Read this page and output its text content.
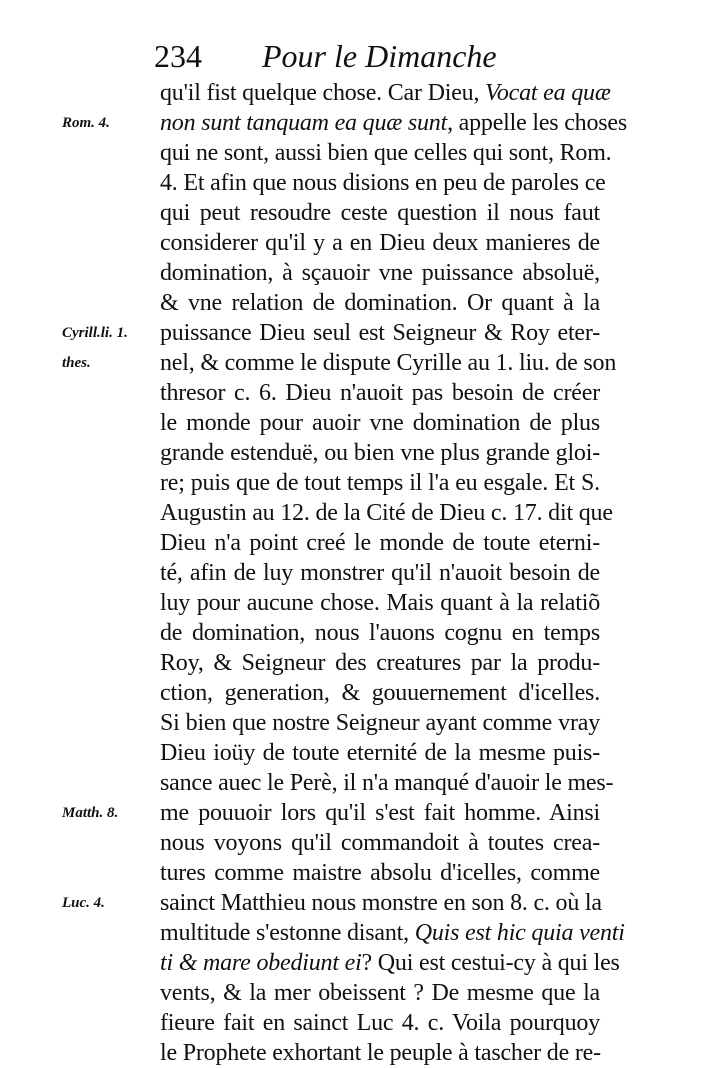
234 Pour le Dimanche
Rom. 4.
Cyrill.li. 1.
thes.
Matth. 8.
Luc. 4.
qu'il fist quelque chose. Car Dieu, Vocat ea quæ
non sunt tanquam ea quæ sunt, appelle les choses
qui ne sont, aussi bien que celles qui sont, Rom.
4. Et afin que nous disions en peu de paroles ce
qui peut resoudre ceste question il nous faut
considerer qu'il y a en Dieu deux manieres de
domination, à sçauoir vne puissance absoluë,
& vne relation de domination. Or quant à la
puissance Dieu seul est Seigneur & Roy eter-
nel, & comme le dispute Cyrille au 1. liu. de son
thresor c. 6. Dieu n'auoit pas besoin de créer
le monde pour auoir vne domination de plus
grande estenduë, ou bien vne plus grande gloi-
re; puis que de tout temps il l'a eu esgale. Et S.
Augustin au 12. de la Cité de Dieu c. 17. dit que
Dieu n'a point creé le monde de toute eterni-
té, afin de luy monstrer qu'il n'auoit besoin de
luy pour aucune chose. Mais quant à la relatiõ
de domination, nous l'auons cognu en temps
Roy, & Seigneur des creatures par la produ-
ction, generation, & gouuernement d'icelles.
Si bien que nostre Seigneur ayant comme vray
Dieu ioüy de toute eternité de la mesme puis-
sance auec le Perè, il n'a manqué d'auoir le mes-
me pouuoir lors qu'il s'est fait homme. Ainsi
nous voyons qu'il commandoit à toutes crea-
tures comme maistre absolu d'icelles, comme
sainct Matthieu nous monstre en son 8. c. où la
multitude s'estonne disant, Quis est hic quia venti
ti & mare obediunt ei? Qui est cestui-cy à qui les
vents, & la mer obeissent ? De mesme que la
fieure fait en sainct Luc 4. c. Voila pourquoy
le Prophete exhortant le peuple à tascher de re-
